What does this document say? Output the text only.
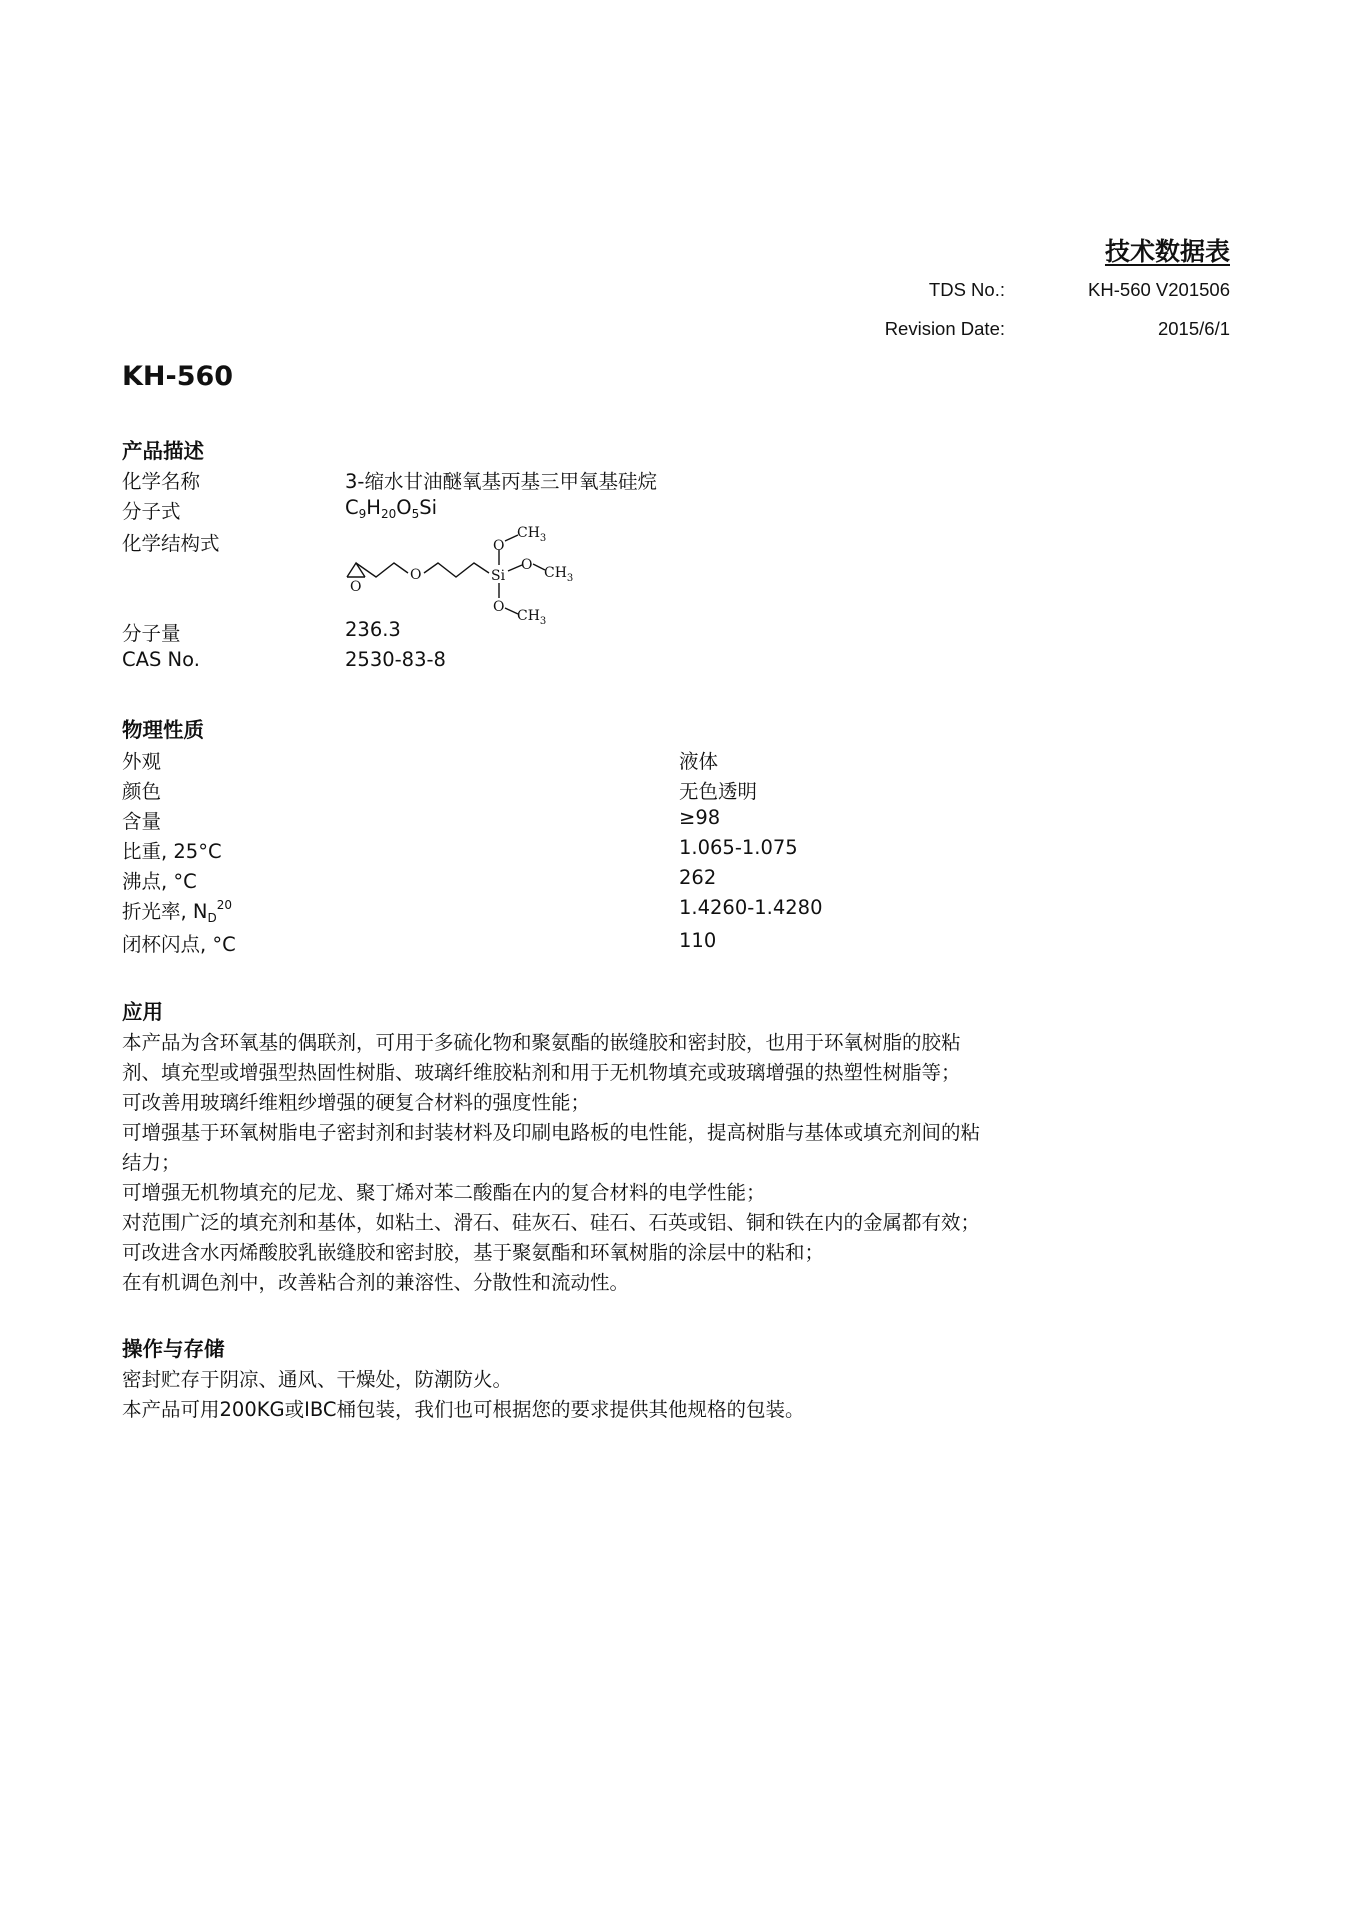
技术数据表
TDS No.:	KH-560 V201506
Revision Date:	2015/6/1
KH-560
产品描述
化学名称	3-缩水甘油醚氧基丙基三甲氧基硅烷
分子式	$C_9H_{20}O_5Si$
化学结构式
O
O	Si
O
O
O
$CH_3$
$CH_3$
$CH_3$
分子量	236.3
CAS No.	2530-83-8
物理性质
外观	液体
颜色	无色透明
含量	≥98
比重, 25°C	1.065-1.075
沸点, °C	262
折光率, $N_D^{20}$	1.4260-1.4280
闭杯闪点, °C	110
应用
本产品为含环氧基的偶联剂，可用于多硫化物和聚氨酯的嵌缝胶和密封胶，也用于环氧树脂的胶粘
剂、填充型或增强型热固性树脂、玻璃纤维胶粘剂和用于无机物填充或玻璃增强的热塑性树脂等；
可改善用玻璃纤维粗纱增强的硬复合材料的强度性能；
可增强基于环氧树脂电子密封剂和封装材料及印刷电路板的电性能，提高树脂与基体或填充剂间的粘
结力；
可增强无机物填充的尼龙、聚丁烯对苯二酸酯在内的复合材料的电学性能；
对范围广泛的填充剂和基体，如粘土、滑石、硅灰石、硅石、石英或铝、铜和铁在内的金属都有效；
可改进含水丙烯酸胶乳嵌缝胶和密封胶，基于聚氨酯和环氧树脂的涂层中的粘和；
在有机调色剂中，改善粘合剂的兼溶性、分散性和流动性。
操作与存储
密封贮存于阴凉、通风、干燥处，防潮防火。
本产品可用200KG或IBC桶包装，我们也可根据您的要求提供其他规格的包装。
